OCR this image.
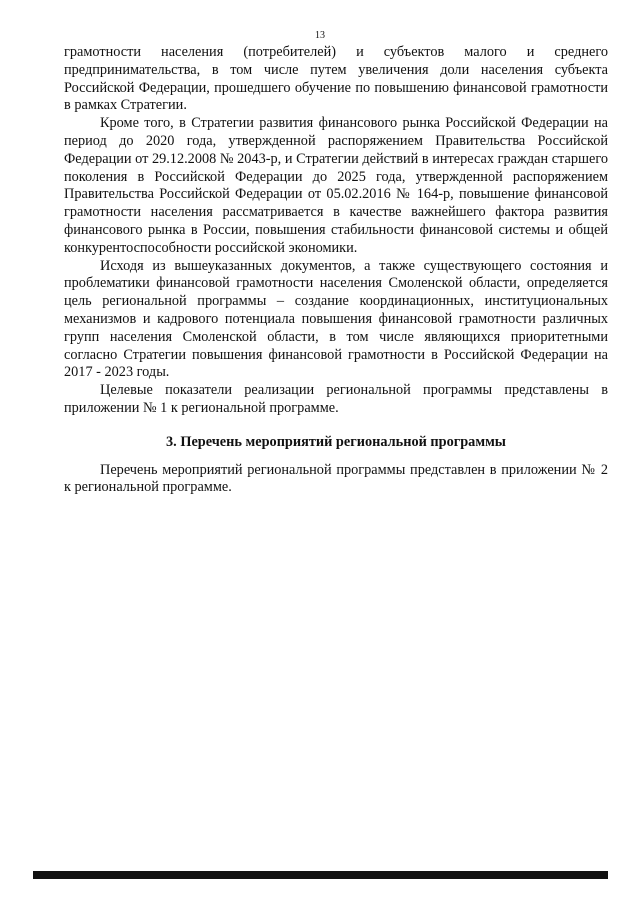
13

грамотности населения (потребителей) и субъектов малого и среднего предпринимательства, в том числе путем увеличения доли населения субъекта Российской Федерации, прошедшего обучение по повышению финансовой грамотности в рамках Стратегии.

Кроме того, в Стратегии развития финансового рынка Российской Федерации на период до 2020 года, утвержденной распоряжением Правительства Российской Федерации от 29.12.2008 № 2043-р, и Стратегии действий в интересах граждан старшего поколения в Российской Федерации до 2025 года, утвержденной распоряжением Правительства Российской Федерации от 05.02.2016 № 164-р, повышение финансовой грамотности населения рассматривается в качестве важнейшего фактора развития финансового рынка в России, повышения стабильности финансовой системы и общей конкурентоспособности российской экономики.

Исходя из вышеуказанных документов, а также существующего состояния и проблематики финансовой грамотности населения Смоленской области, определяется цель региональной программы – создание координационных, институциональных механизмов и кадрового потенциала повышения финансовой грамотности различных групп населения Смоленской области, в том числе являющихся приоритетными согласно Стратегии повышения финансовой грамотности в Российской Федерации на 2017 - 2023 годы.

Целевые показатели реализации региональной программы представлены в приложении № 1 к региональной программе.

3. Перечень мероприятий региональной программы

Перечень мероприятий региональной программы представлен в приложении № 2 к региональной программе.
